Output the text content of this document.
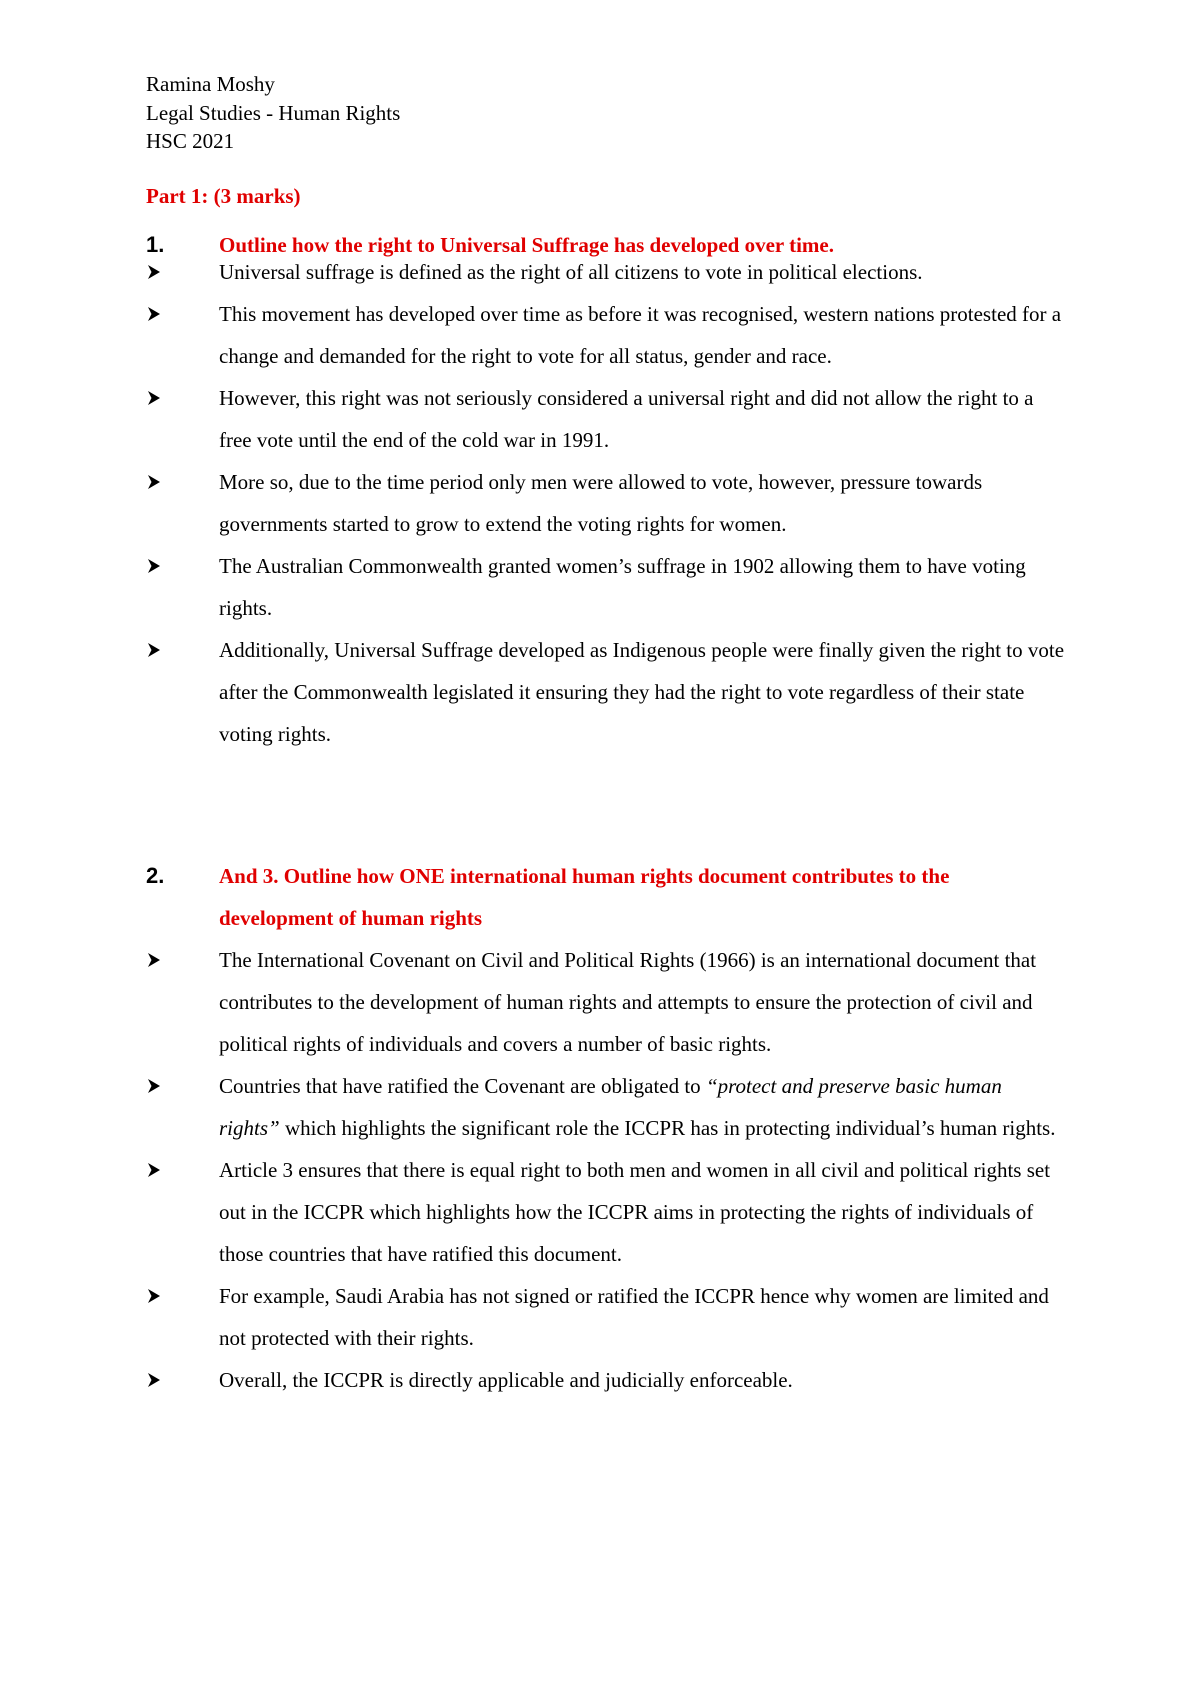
Ramina Moshy
Legal Studies - Human Rights
HSC 2021
Part 1: (3 marks)
1.	Outline how the right to Universal Suffrage has developed over time.
Universal suffrage is defined as the right of all citizens to vote in political elections.
This movement has developed over time as before it was recognised, western nations protested for a change and demanded for the right to vote for all status, gender and race.
However, this right was not seriously considered a universal right and did not allow the right to a free vote until the end of the cold war in 1991.
More so, due to the time period only men were allowed to vote, however, pressure towards governments started to grow to extend the voting rights for women.
The Australian Commonwealth granted women’s suffrage in 1902 allowing them to have voting rights.
Additionally, Universal Suffrage developed as Indigenous people were finally given the right to vote after the Commonwealth legislated it ensuring they had the right to vote regardless of their state voting rights.
2.	And 3. Outline how ONE international human rights document contributes to the development of human rights
The International Covenant on Civil and Political Rights (1966) is an international document that contributes to the development of human rights and attempts to ensure the protection of civil and political rights of individuals and covers a number of basic rights.
Countries that have ratified the Covenant are obligated to “protect and preserve basic human rights” which highlights the significant role the ICCPR has in protecting individual’s human rights.
Article 3 ensures that there is equal right to both men and women in all civil and political rights set out in the ICCPR which highlights how the ICCPR aims in protecting the rights of individuals of those countries that have ratified this document.
For example, Saudi Arabia has not signed or ratified the ICCPR hence why women are limited and not protected with their rights.
Overall, the ICCPR is directly applicable and judicially enforceable.
